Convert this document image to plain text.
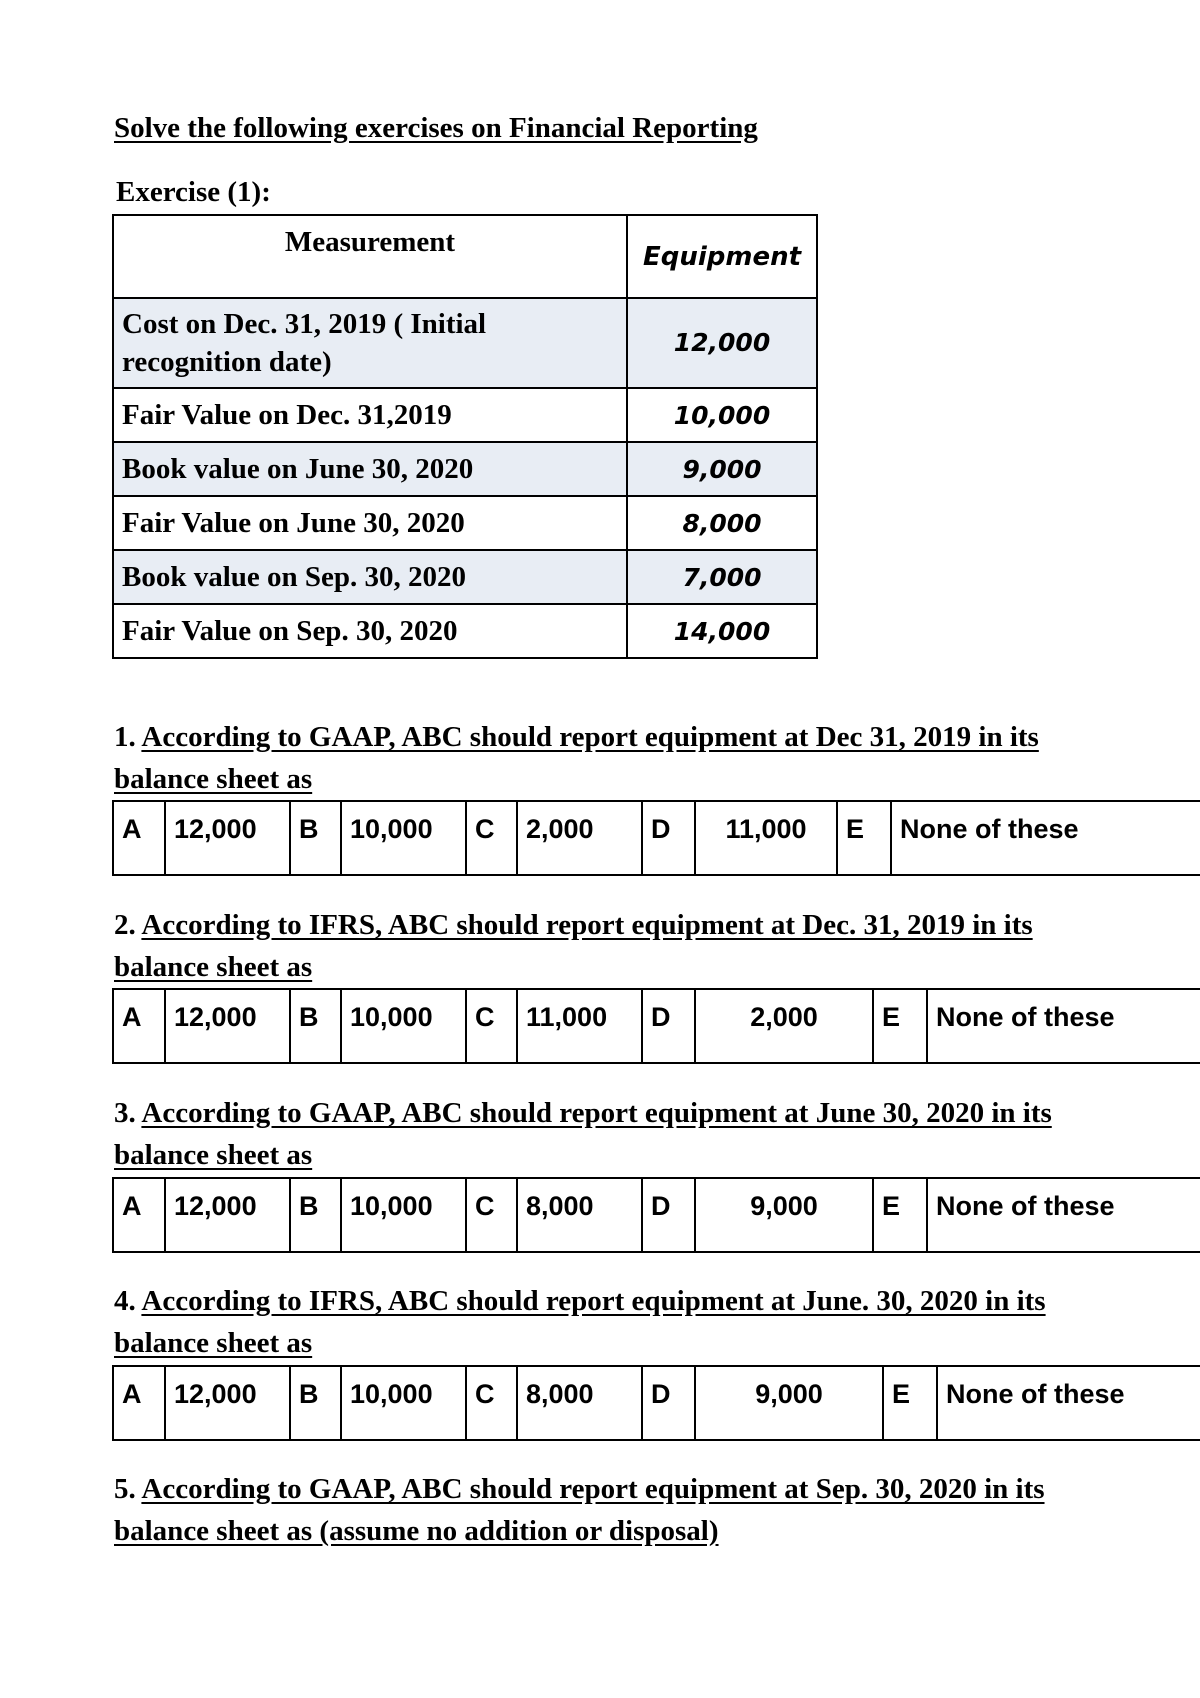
Solve the following exercises on Financial Reporting
Exercise (1):
Measurement	Equipment
Cost on Dec. 31, 2019 ( Initial recognition date)	12,000
Fair Value on Dec. 31,2019	10,000
Book value on June 30, 2020	9,000
Fair Value on June 30, 2020	8,000
Book value on Sep. 30, 2020	7,000
Fair Value on Sep. 30, 2020	14,000
1. According to GAAP, ABC should report equipment at Dec 31, 2019 in its balance sheet as
A	12,000	B	10,000	C	2,000	D	11,000	E	None of these
2. According to IFRS, ABC should report equipment at Dec. 31, 2019 in its balance sheet as
A	12,000	B	10,000	C	11,000	D	2,000	E	None of these
3. According to GAAP, ABC should report equipment at June 30, 2020 in its balance sheet as
A	12,000	B	10,000	C	8,000	D	9,000	E	None of these
4. According to IFRS, ABC should report equipment at June. 30, 2020 in its balance sheet as
A	12,000	B	10,000	C	8,000	D	9,000	E	None of these
5. According to GAAP, ABC should report equipment at Sep. 30, 2020 in its balance sheet as (assume no addition or disposal)
